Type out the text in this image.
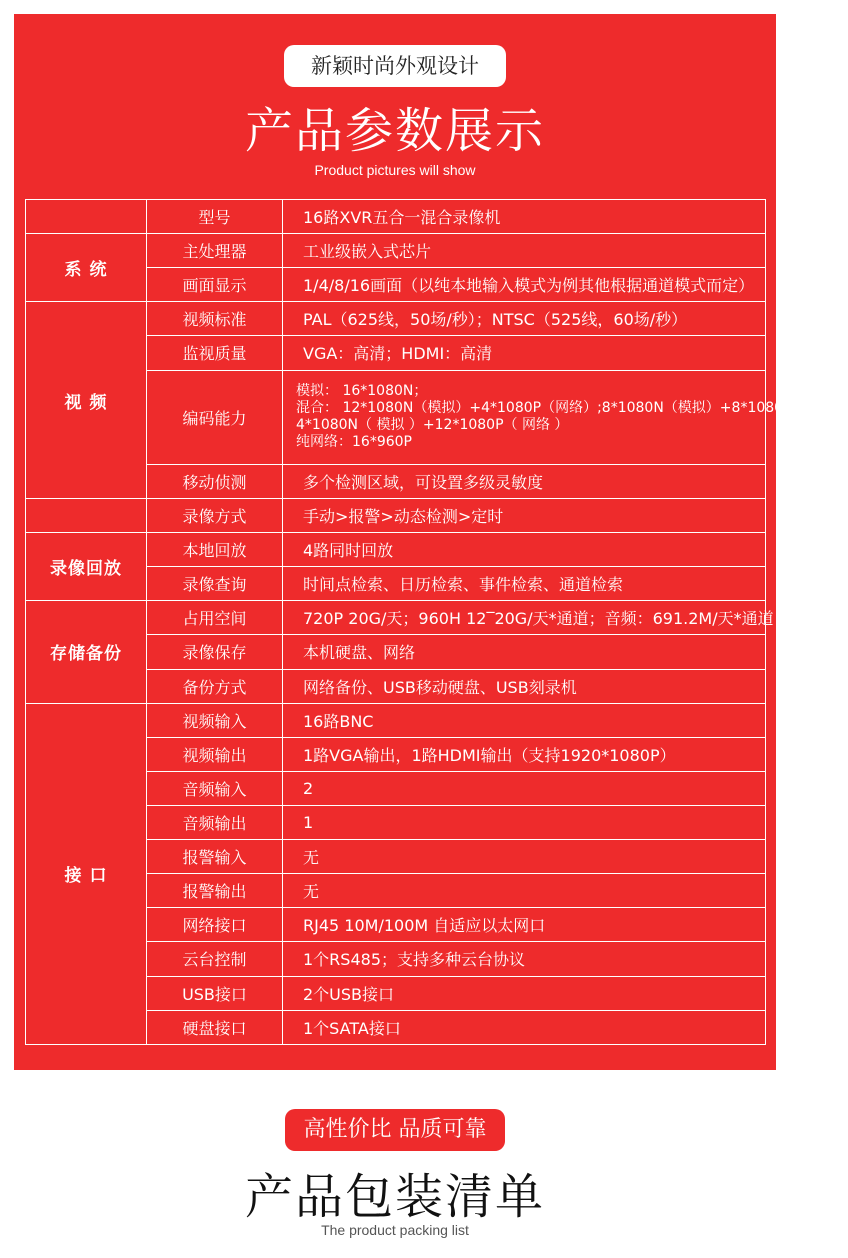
新颖时尚外观设计
产品参数展示
Product pictures will show
	型号	16路XVR五合一混合录像机
系 统	主处理器	工业级嵌入式芯片
	画面显示	1/4/8/16画面（以纯本地输入模式为例其他根据通道模式而定）
视 频	视频标准	PAL（625线，50场/秒）；NTSC（525线，60场/秒）
	监视质量	VGA：高清；HDMI：高清
	编码能力	模拟： 16*1080N；
混合： 12*1080N（模拟）+4*1080P（网络）;8*1080N（模拟）+8*1080P（网络）
4*1080N（ 模拟 ）+12*1080P（ 网络 ）
纯网络：16*960P

	移动侦测	多个检测区域，可设置多级灵敏度
	录像方式	手动>报警>动态检测>定时
录像回放	本地回放	4路同时回放
	录像查询	时间点检索、日历检索、事件检索、通道检索
存储备份	占用空间	720P 20G/天；960H 12‾20G/天*通道；音频：691.2M/天*通道
	录像保存	本机硬盘、网络
	备份方式	网络备份、USB移动硬盘、USB刻录机
接 口	视频输入	16路BNC
	视频输出	1路VGA输出，1路HDMI输出（支持1920*1080P）
	音频输入	2
	音频输出	1
	报警输入	无
	报警输出	无
	网络接口	RJ45 10M/100M 自适应以太网口
	云台控制	1个RS485；支持多种云台协议
	USB接口	2个USB接口
	硬盘接口	1个SATA接口
高性价比 品质可靠
产品包装清单
The product packing list
